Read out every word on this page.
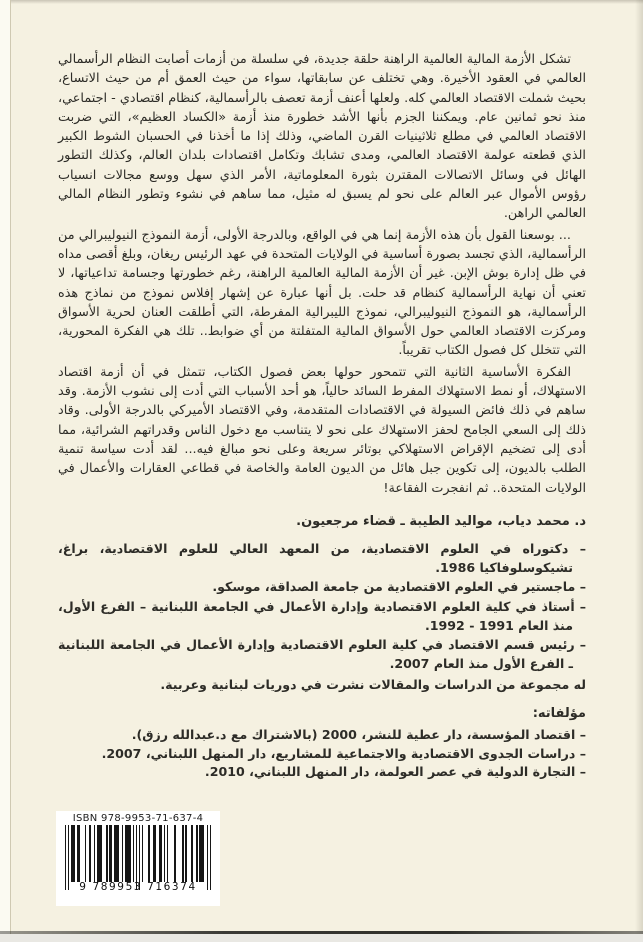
تشكل الأزمة المالية العالمية الراهنة حلقة جديدة، في سلسلة من أزمات أصابت النظام الرأسمالي العالمي في العقود الأخيرة. وهي تختلف عن سابقاتها، سواء من حيث العمق أم من حيث الاتساع، بحيث شملت الاقتصاد العالمي كله. ولعلها أعنف أزمة تعصف بالرأسمالية، كنظام اقتصادي - اجتماعي، منذ نحو ثمانين عام. ويمكننا الجزم بأنها الأشد خطورة منذ أزمة «الكساد العظيم»، التي ضربت الاقتصاد العالمي في مطلع ثلاثينيات القرن الماضي، وذلك إذا ما أخذنا في الحسبان الشوط الكبير الذي قطعته عولمة الاقتصاد العالمي، ومدى تشابك وتكامل اقتصادات بلدان العالم، وكذلك التطور الهائل في وسائل الاتصالات المقترن بثورة المعلوماتية، الأمر الذي سهل ووسع مجالات انسياب رؤوس الأموال عبر العالم على نحو لم يسبق له مثيل، مما ساهم في نشوء وتطور النظام المالي العالمي الراهن.

... بوسعنا القول بأن هذه الأزمة إنما هي في الواقع، وبالدرجة الأولى، أزمة النموذج النيوليبرالي من الرأسمالية، الذي تجسد بصورة أساسية في الولايات المتحدة في عهد الرئيس ريغان، وبلغ أقصى مداه في ظل إدارة بوش الإبن. غير أن الأزمة المالية العالمية الراهنة، رغم خطورتها وجسامة تداعياتها، لا تعني أن نهاية الرأسمالية كنظام قد حلت. بل أنها عبارة عن إشهار إفلاس نموذج من نماذج هذه الرأسمالية، هو النموذج النيوليبرالي، نموذج الليبرالية المفرطة، التي أطلقت العنان لحرية الأسواق ومركزت الاقتصاد العالمي حول الأسواق المالية المتفلتة من أي ضوابط.. تلك هي الفكرة المحورية، التي تتخلل كل فصول الكتاب تقريباً.

الفكرة الأساسية الثانية التي تتمحور حولها بعض فصول الكتاب، تتمثل في أن أزمة اقتصاد الاستهلاك، أو نمط الاستهلاك المفرط السائد حالياً، هو أحد الأسباب التي أدت إلى نشوب الأزمة. وقد ساهم في ذلك فائض السيولة في الاقتصادات المتقدمة، وفي الاقتصاد الأميركي بالدرجة الأولى. وقاد ذلك إلى السعي الجامح لحفز الاستهلاك على نحو لا يتناسب مع دخول الناس وقدراتهم الشرائية، مما أدى إلى تضخيم الإقراض الاستهلاكي بوتائر سريعة وعلى نحو مبالغ فيه... لقد أدت سياسة تنمية الطلب بالديون، إلى تكوين جبل هائل من الديون العامة والخاصة في قطاعي العقارات والأعمال في الولايات المتحدة.. ثم انفجرت الفقاعة!

د. محمد دياب، مواليد الطيبة ـ قضاء مرجعيون.

– دكتوراه في العلوم الاقتصادية، من المعهد العالي للعلوم الاقتصادية، براغ، تشيكوسلوفاكيا 1986.

– ماجستير في العلوم الاقتصادية من جامعة الصداقة، موسكو.

– أستاذ في كلية العلوم الاقتصادية وإدارة الأعمال في الجامعة اللبنانية – الفرع الأول، منذ العام 1991 - 1992.

– رئيس قسم الاقتصاد في كلية العلوم الاقتصادية وإدارة الأعمال في الجامعة اللبنانية ـ الفرع الأول منذ العام 2007.

له مجموعة من الدراسات والمقالات نشرت في دوريات لبنانية وعربية.

مؤلفاته:

– اقتصاد المؤسسة، دار عطية للنشر، 2000 (بالاشتراك مع د.عبدالله رزق).

– دراسات الجدوى الاقتصادية والاجتماعية للمشاريع، دار المنهل اللبناني، 2007.

– التجارة الدولية في عصر العولمة، دار المنهل اللبناني، 2010.

ISBN 978-9953-71-637-4
9 789953 716374
